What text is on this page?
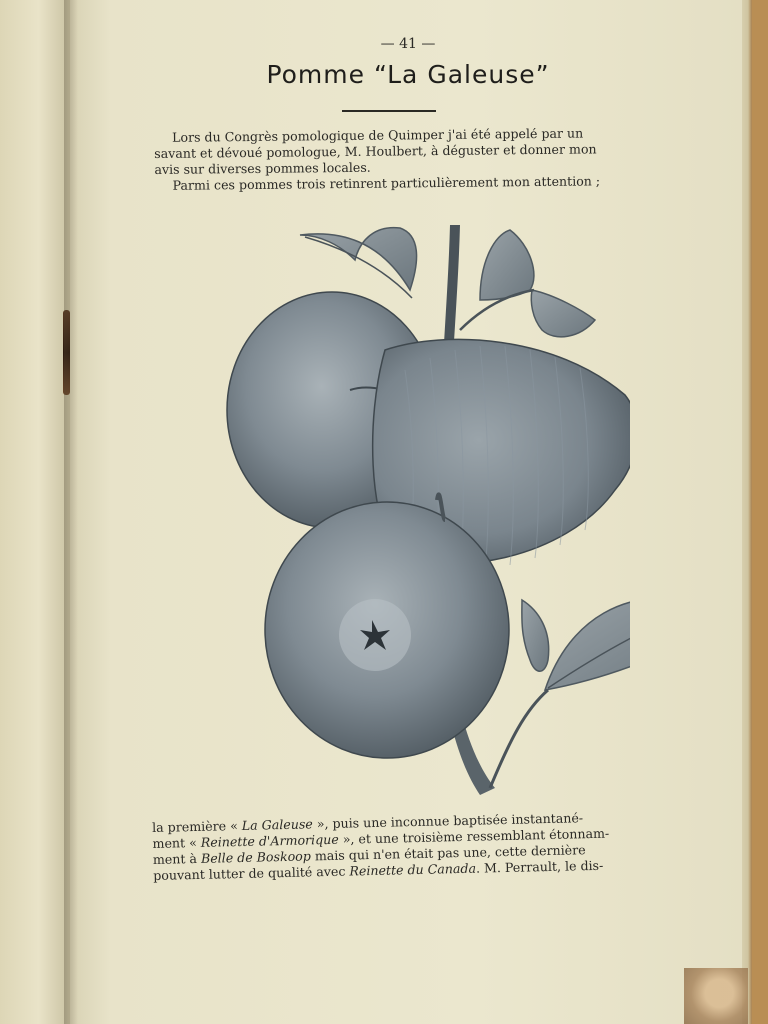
— 41 —
Pomme “La Galeuse”

Lors du Congrès pomologique de Quimper j'ai été appelé par un
savant et dévoué pomologue, M. Houlbert, à déguster et donner mon
avis sur diverses pommes locales.
Parmi ces pommes trois retinrent particulièrement mon attention ;

la première « La Galeuse », puis une inconnue baptisée instantané-
ment « Reinette d'Armorique », et une troisième ressemblant étonnam-
ment à Belle de Boskoop mais qui n'en était pas une, cette dernière
pouvant lutter de qualité avec Reinette du Canada. M. Perrault, le dis-
